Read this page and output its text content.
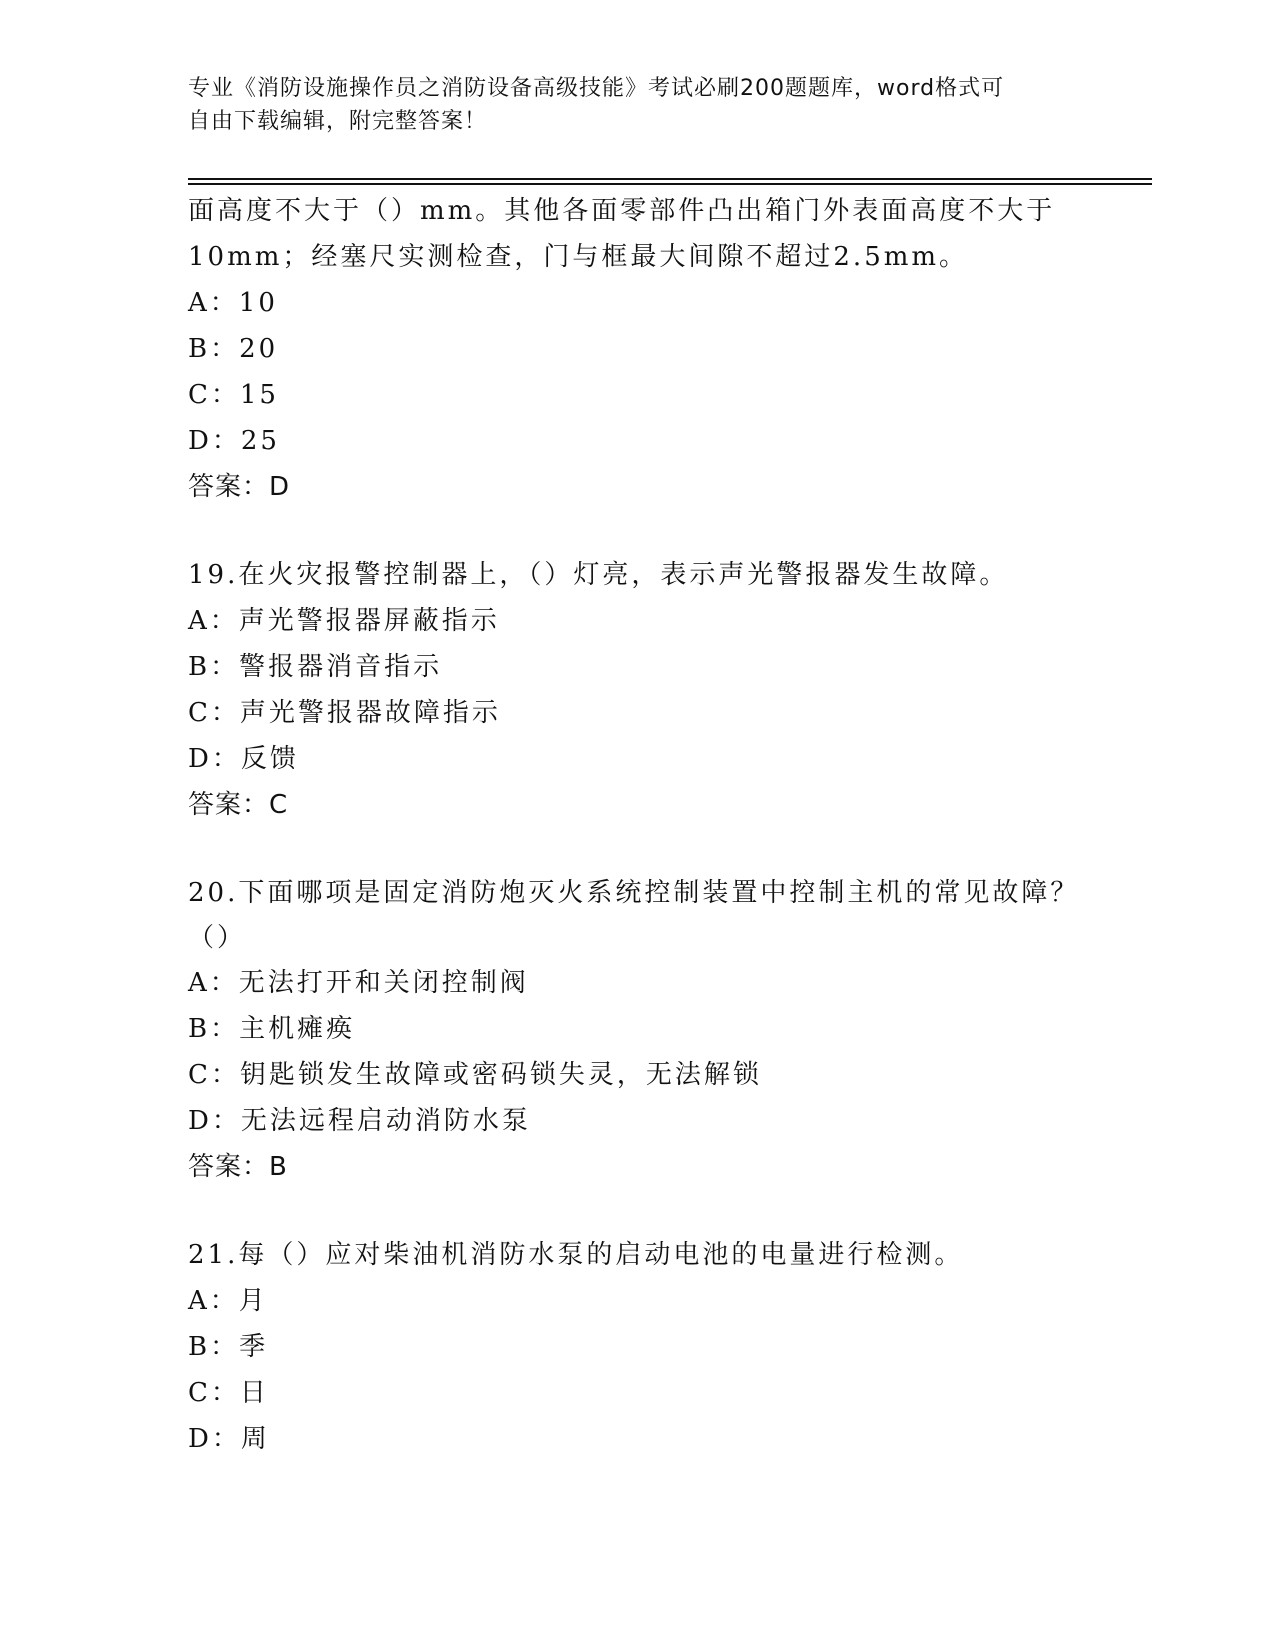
专业《消防设施操作员之消防设备高级技能》考试必刷200题题库，word格式可
自由下载编辑，附完整答案！
面高度不大于（）mm。其他各面零部件凸出箱门外表面高度不大于
10mm；经塞尺实测检查，门与框最大间隙不超过2.5mm。
A：10
B：20
C：15
D：25
答案：D
19.在火灾报警控制器上，（）灯亮，表示声光警报器发生故障。
A：声光警报器屏蔽指示
B：警报器消音指示
C：声光警报器故障指示
D：反馈
答案：C
20.下面哪项是固定消防炮灭火系统控制装置中控制主机的常见故障？
（）
A：无法打开和关闭控制阀
B：主机瘫痪
C：钥匙锁发生故障或密码锁失灵，无法解锁
D：无法远程启动消防水泵
答案：B
21.每（）应对柴油机消防水泵的启动电池的电量进行检测。
A：月
B：季
C：日
D：周
